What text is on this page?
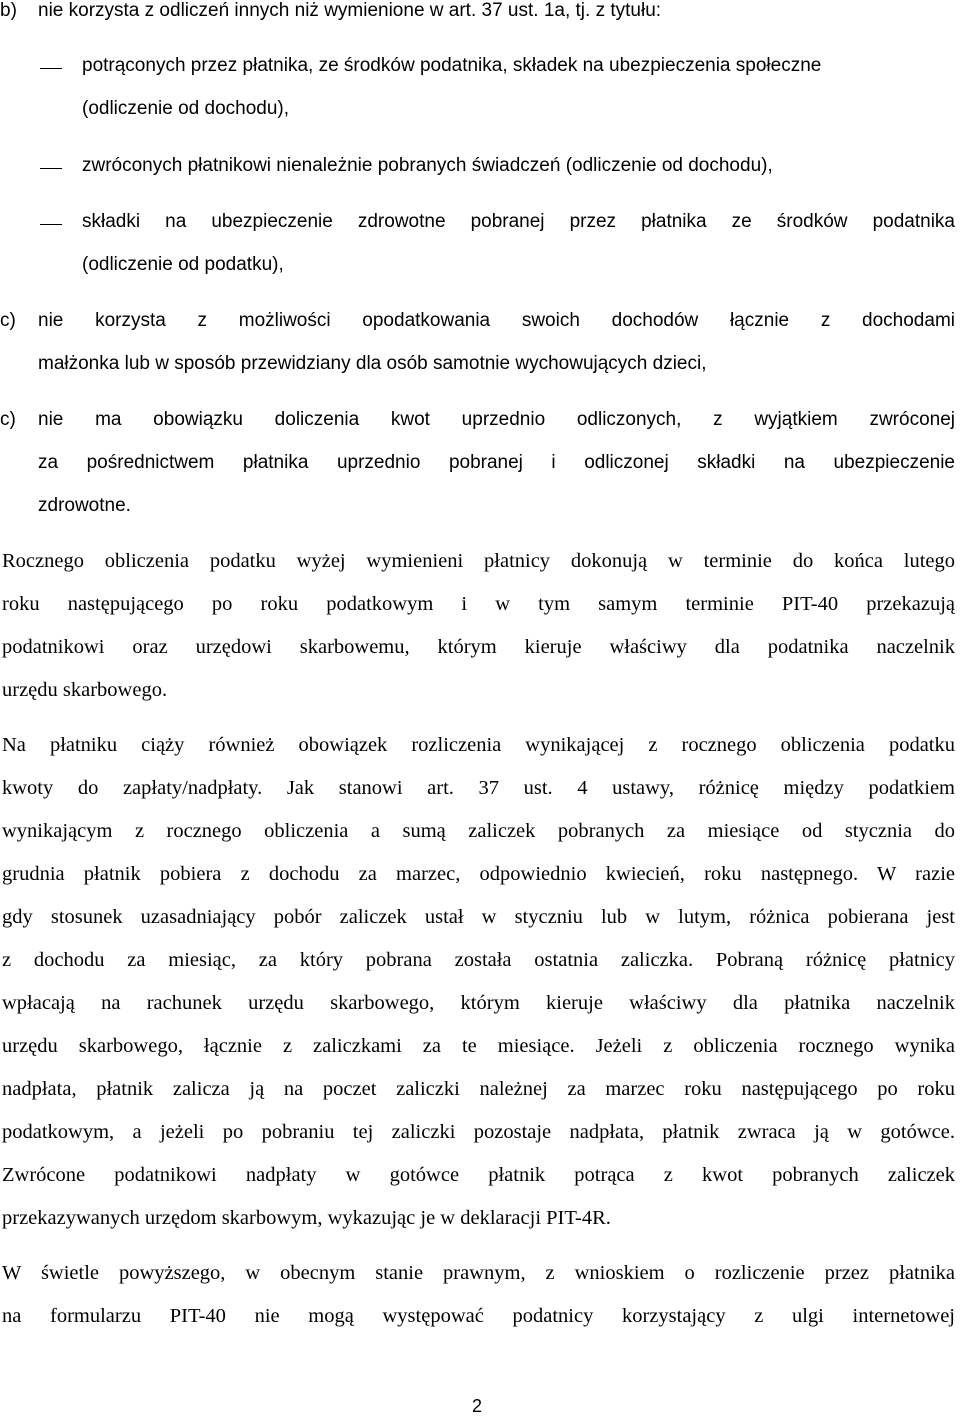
b) nie korzysta z odliczeń innych niż wymienione w art. 37 ust. 1a, tj. z tytułu:
potrąconych przez płatnika, ze środków podatnika, składek na ubezpieczenia społeczne
(odliczenie od dochodu),
zwróconych płatnikowi nienależnie pobranych świadczeń (odliczenie od dochodu),
składki na ubezpieczenie zdrowotne pobranej przez płatnika ze środków podatnika
(odliczenie od podatku),
c) nie korzysta z możliwości opodatkowania swoich dochodów łącznie z dochodami
małżonka lub w sposób przewidziany dla osób samotnie wychowujących dzieci,
c) nie ma obowiązku doliczenia kwot uprzednio odliczonych, z wyjątkiem zwróconej
za pośrednictwem płatnika uprzednio pobranej i odliczonej składki na ubezpieczenie
zdrowotne.
Rocznego obliczenia podatku wyżej wymienieni płatnicy dokonują w terminie do końca lutego
roku następującego po roku podatkowym i w tym samym terminie PIT-40 przekazują
podatnikowi oraz urzędowi skarbowemu, którym kieruje właściwy dla podatnika naczelnik
urzędu skarbowego.
Na płatniku ciąży również obowiązek rozliczenia wynikającej z rocznego obliczenia podatku
kwoty do zapłaty/nadpłaty. Jak stanowi art. 37 ust. 4 ustawy, różnicę między podatkiem
wynikającym z rocznego obliczenia a sumą zaliczek pobranych za miesiące od stycznia do
grudnia płatnik pobiera z dochodu za marzec, odpowiednio kwiecień, roku następnego. W razie
gdy stosunek uzasadniający pobór zaliczek ustał w styczniu lub w lutym, różnica pobierana jest
z dochodu za miesiąc, za który pobrana została ostatnia zaliczka. Pobraną różnicę płatnicy
wpłacają na rachunek urzędu skarbowego, którym kieruje właściwy dla płatnika naczelnik
urzędu skarbowego, łącznie z zaliczkami za te miesiące. Jeżeli z obliczenia rocznego wynika
nadpłata, płatnik zalicza ją na poczet zaliczki należnej za marzec roku następującego po roku
podatkowym, a jeżeli po pobraniu tej zaliczki pozostaje nadpłata, płatnik zwraca ją w gotówce.
Zwrócone podatnikowi nadpłaty w gotówce płatnik potrąca z kwot pobranych zaliczek
przekazywanych urzędom skarbowym, wykazując je w deklaracji PIT-4R.
W świetle powyższego, w obecnym stanie prawnym, z wnioskiem o rozliczenie przez płatnika
na formularzu PIT-40 nie mogą występować podatnicy korzystający z ulgi internetowej
2
